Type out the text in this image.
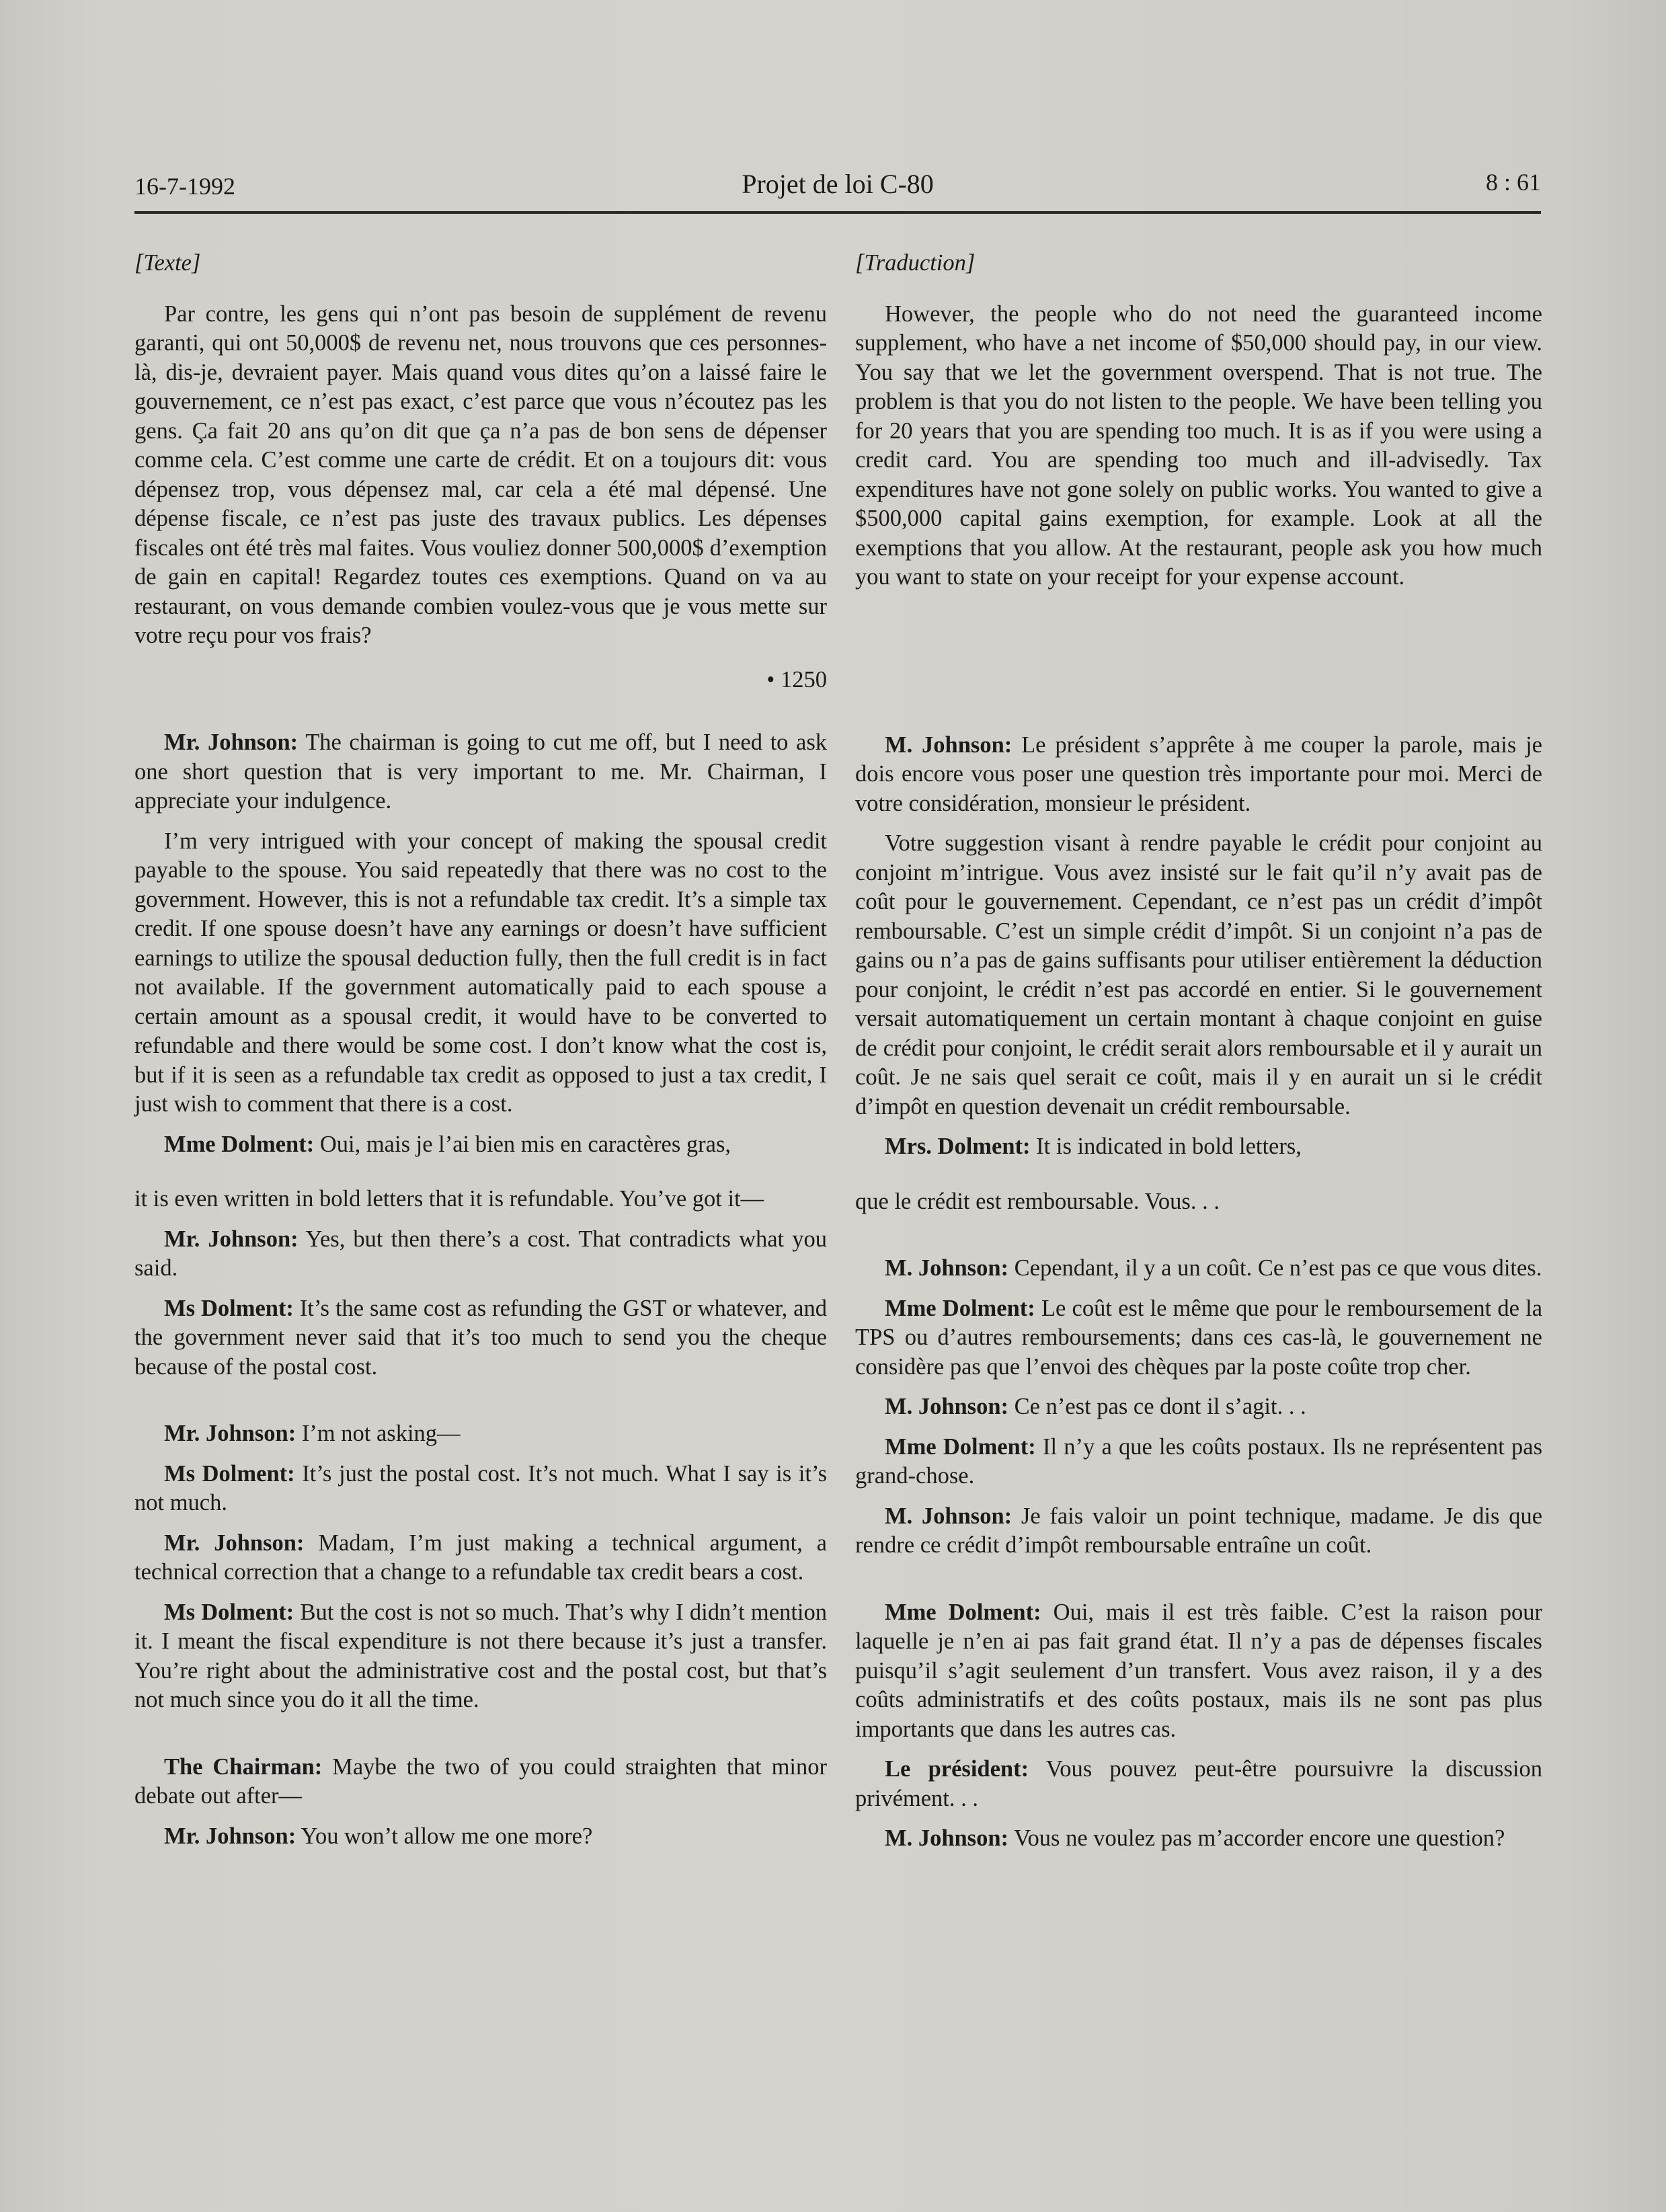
16-7-1992	Projet de loi C-80	8 : 61
[Texte]

Par contre, les gens qui n’ont pas besoin de supplément de revenu garanti, qui ont 50,000$ de revenu net, nous trouvons que ces personnes-là, dis-je, devraient payer. Mais quand vous dites qu’on a laissé faire le gouvernement, ce n’est pas exact, c’est parce que vous n’écoutez pas les gens. Ça fait 20 ans qu’on dit que ça n’a pas de bon sens de dépenser comme cela. C’est comme une carte de crédit. Et on a toujours dit: vous dépensez trop, vous dépensez mal, car cela a été mal dépensé. Une dépense fiscale, ce n’est pas juste des travaux publics. Les dépenses fiscales ont été très mal faites. Vous vouliez donner 500,000$ d’exemption de gain en capital! Regardez toutes ces exemptions. Quand on va au restaurant, on vous demande combien voulez-vous que je vous mette sur votre reçu pour vos frais?

• 1250

Mr. Johnson: The chairman is going to cut me off, but I need to ask one short question that is very important to me. Mr. Chairman, I appreciate your indulgence.

I’m very intrigued with your concept of making the spousal credit payable to the spouse. You said repeatedly that there was no cost to the government. However, this is not a refundable tax credit. It’s a simple tax credit. If one spouse doesn’t have any earnings or doesn’t have sufficient earnings to utilize the spousal deduction fully, then the full credit is in fact not available. If the government automatically paid to each spouse a certain amount as a spousal credit, it would have to be converted to refundable and there would be some cost. I don’t know what the cost is, but if it is seen as a refundable tax credit as opposed to just a tax credit, I just wish to comment that there is a cost.

Mme Dolment: Oui, mais je l’ai bien mis en caractères gras,

it is even written in bold letters that it is refundable. You’ve got it—

Mr. Johnson: Yes, but then there’s a cost. That contradicts what you said.

Ms Dolment: It’s the same cost as refunding the GST or whatever, and the government never said that it’s too much to send you the cheque because of the postal cost.

Mr. Johnson: I’m not asking—

Ms Dolment: It’s just the postal cost. It’s not much. What I say is it’s not much.

Mr. Johnson: Madam, I’m just making a technical argument, a technical correction that a change to a refundable tax credit bears a cost.

Ms Dolment: But the cost is not so much. That’s why I didn’t mention it. I meant the fiscal expenditure is not there because it’s just a transfer. You’re right about the administrative cost and the postal cost, but that’s not much since you do it all the time.

The Chairman: Maybe the two of you could straighten that minor debate out after—

Mr. Johnson: You won’t allow me one more?

[Traduction]

However, the people who do not need the guaranteed income supplement, who have a net income of $50,000 should pay, in our view. You say that we let the government overspend. That is not true. The problem is that you do not listen to the people. We have been telling you for 20 years that you are spending too much. It is as if you were using a credit card. You are spending too much and ill-advisedly. Tax expenditures have not gone solely on public works. You wanted to give a $500,000 capital gains exemption, for example. Look at all the exemptions that you allow. At the restaurant, people ask you how much you want to state on your receipt for your expense account.

M. Johnson: Le président s’apprête à me couper la parole, mais je dois encore vous poser une question très importante pour moi. Merci de votre considération, monsieur le président.

Votre suggestion visant à rendre payable le crédit pour conjoint au conjoint m’intrigue. Vous avez insisté sur le fait qu’il n’y avait pas de coût pour le gouvernement. Cependant, ce n’est pas un crédit d’impôt remboursable. C’est un simple crédit d’impôt. Si un conjoint n’a pas de gains ou n’a pas de gains suffisants pour utiliser entièrement la déduction pour conjoint, le crédit n’est pas accordé en entier. Si le gouvernement versait automatiquement un certain montant à chaque conjoint en guise de crédit pour conjoint, le crédit serait alors remboursable et il y aurait un coût. Je ne sais quel serait ce coût, mais il y en aurait un si le crédit d’impôt en question devenait un crédit remboursable.

Mrs. Dolment: It is indicated in bold letters,

que le crédit est remboursable. Vous. . .

M. Johnson: Cependant, il y a un coût. Ce n’est pas ce que vous dites.

Mme Dolment: Le coût est le même que pour le remboursement de la TPS ou d’autres remboursements; dans ces cas-là, le gouvernement ne considère pas que l’envoi des chèques par la poste coûte trop cher.

M. Johnson: Ce n’est pas ce dont il s’agit. . .

Mme Dolment: Il n’y a que les coûts postaux. Ils ne représentent pas grand-chose.

M. Johnson: Je fais valoir un point technique, madame. Je dis que rendre ce crédit d’impôt remboursable entraîne un coût.

Mme Dolment: Oui, mais il est très faible. C’est la raison pour laquelle je n’en ai pas fait grand état. Il n’y a pas de dépenses fiscales puisqu’il s’agit seulement d’un transfert. Vous avez raison, il y a des coûts administratifs et des coûts postaux, mais ils ne sont pas plus importants que dans les autres cas.

Le président: Vous pouvez peut-être poursuivre la discussion privément. . .

M. Johnson: Vous ne voulez pas m’accorder encore une question?
